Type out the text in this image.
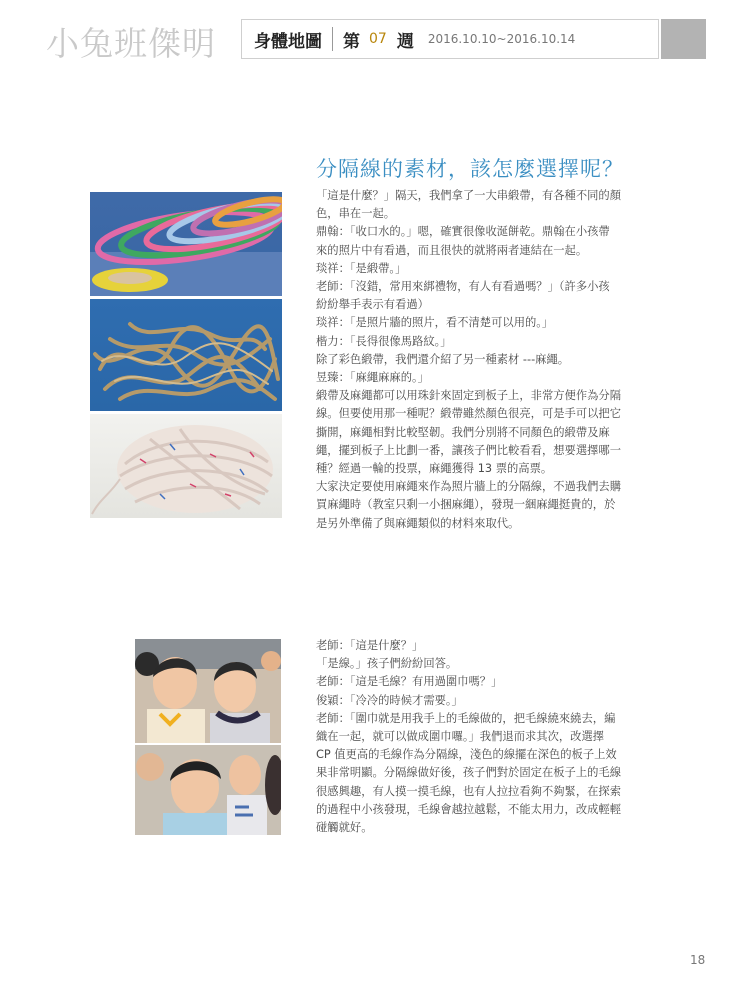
小兔班傑明 身體地圖 第 07 週 2016.10.10~2016.10.14
分隔線的素材，該怎麼選擇呢？

「這是什麼？」隔天，我們拿了一大串緞帶，有各種不同的顏

色，串在一起。

鼎翰：「收口水的。」嗯，確實很像收涎餅乾。鼎翰在小孩帶

來的照片中有看過，而且很快的就將兩者連結在一起。

琰祥：「是緞帶。」

老師：「沒錯，常用來綁禮物，有人有看過嗎？」（許多小孩

紛紛舉手表示有看過）

琰祥：「是照片牆的照片，看不清楚可以用的。」

楷力：「長得很像馬路紋。」

除了彩色緞帶，我們還介紹了另一種素材 ---麻繩。

昱臻：「麻繩麻麻的。」

緞帶及麻繩都可以用珠針來固定到板子上，非常方便作為分隔

線。但要使用那一種呢？緞帶雖然顏色很亮，可是手可以把它

撕開，麻繩相對比較堅韌。我們分別將不同顏色的緞帶及麻

繩，擺到板子上比劃一番，讓孩子們比較看看，想要選擇哪一

種？經過一輪的投票，麻繩獲得 13 票的高票。

大家決定要使用麻繩來作為照片牆上的分隔線，不過我們去購

買麻繩時（教室只剩一小捆麻繩），發現一綑麻繩挺貴的，於

是另外準備了與麻繩類似的材料來取代。

老師：「這是什麼？」

「是線。」孩子們紛紛回答。

老師：「這是毛線？有用過圍巾嗎？」

俊穎：「冷冷的時候才需要。」

老師：「圍巾就是用我手上的毛線做的，把毛線繞來繞去，編

織在一起，就可以做成圍巾囉。」我們退而求其次，改選擇

CP 值更高的毛線作為分隔線，淺色的線擺在深色的板子上效

果非常明顯。分隔線做好後，孩子們對於固定在板子上的毛線

很感興趣，有人摸一摸毛線，也有人拉拉看夠不夠緊，在探索

的過程中小孩發現，毛線會越拉越鬆，不能太用力，改成輕輕

碰觸就好。

18
